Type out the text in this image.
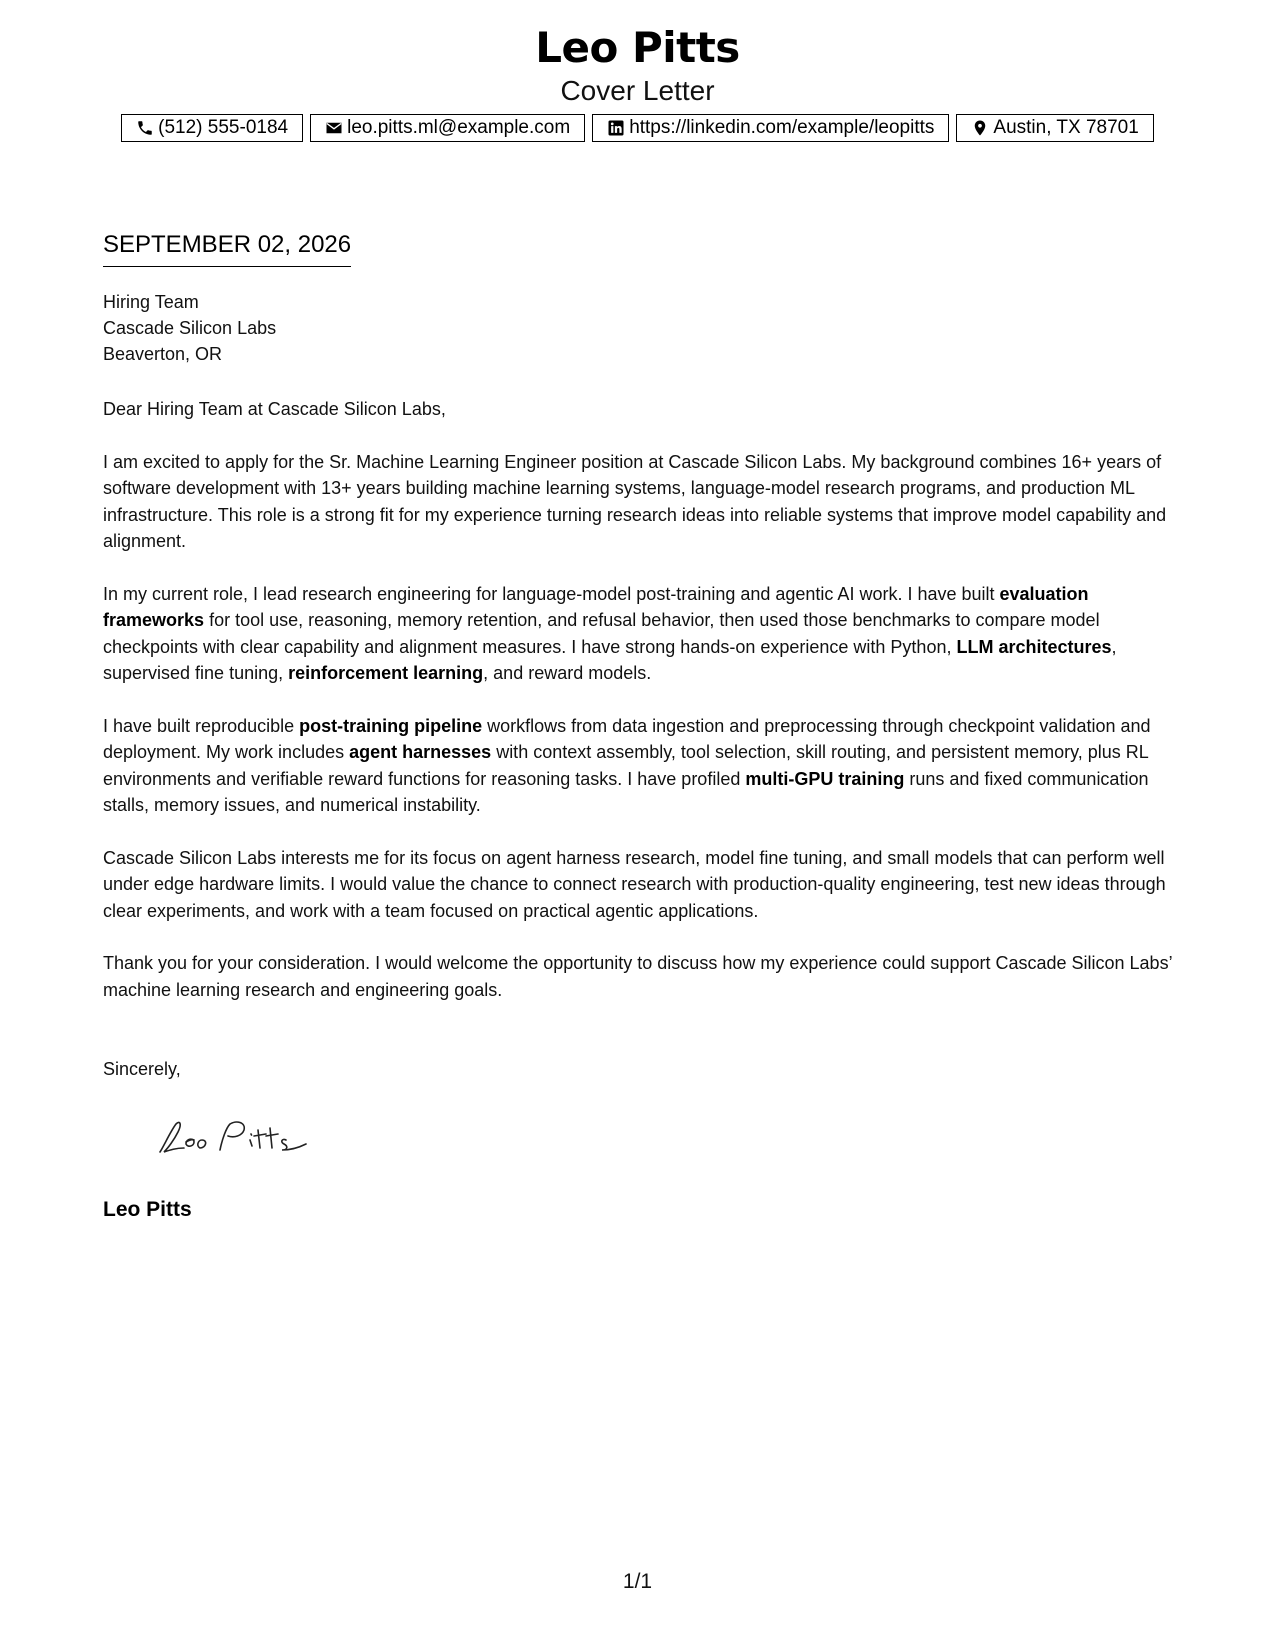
Leo Pitts
Cover Letter
(512) 555-0184	leo.pitts.ml@example.com	https://linkedin.com/example/leopitts	Austin, TX 78701
SEPTEMBER 02, 2026
Hiring Team
Cascade Silicon Labs
Beaverton, OR

Dear Hiring Team at Cascade Silicon Labs,

I am excited to apply for the Sr. Machine Learning Engineer position at Cascade Silicon Labs. My background combines 16+ years of software development with 13+ years building machine learning systems, language-model research programs, and production ML infrastructure. This role is a strong fit for my experience turning research ideas into reliable systems that improve model capability and alignment.

In my current role, I lead research engineering for language-model post-training and agentic AI work. I have built evaluation frameworks for tool use, reasoning, memory retention, and refusal behavior, then used those benchmarks to compare model checkpoints with clear capability and alignment measures. I have strong hands-on experience with Python, LLM architectures, supervised fine tuning, reinforcement learning, and reward models.

I have built reproducible post-training pipeline workflows from data ingestion and preprocessing through checkpoint validation and deployment. My work includes agent harnesses with context assembly, tool selection, skill routing, and persistent memory, plus RL environments and verifiable reward functions for reasoning tasks. I have profiled multi-GPU training runs and fixed communication stalls, memory issues, and numerical instability.

Cascade Silicon Labs interests me for its focus on agent harness research, model fine tuning, and small models that can perform well under edge hardware limits. I would value the chance to connect research with production-quality engineering, test new ideas through clear experiments, and work with a team focused on practical agentic applications.

Thank you for your consideration. I would welcome the opportunity to discuss how my experience could support Cascade Silicon Labs’ machine learning research and engineering goals.

Sincerely,
Leo Pitts
1/1
